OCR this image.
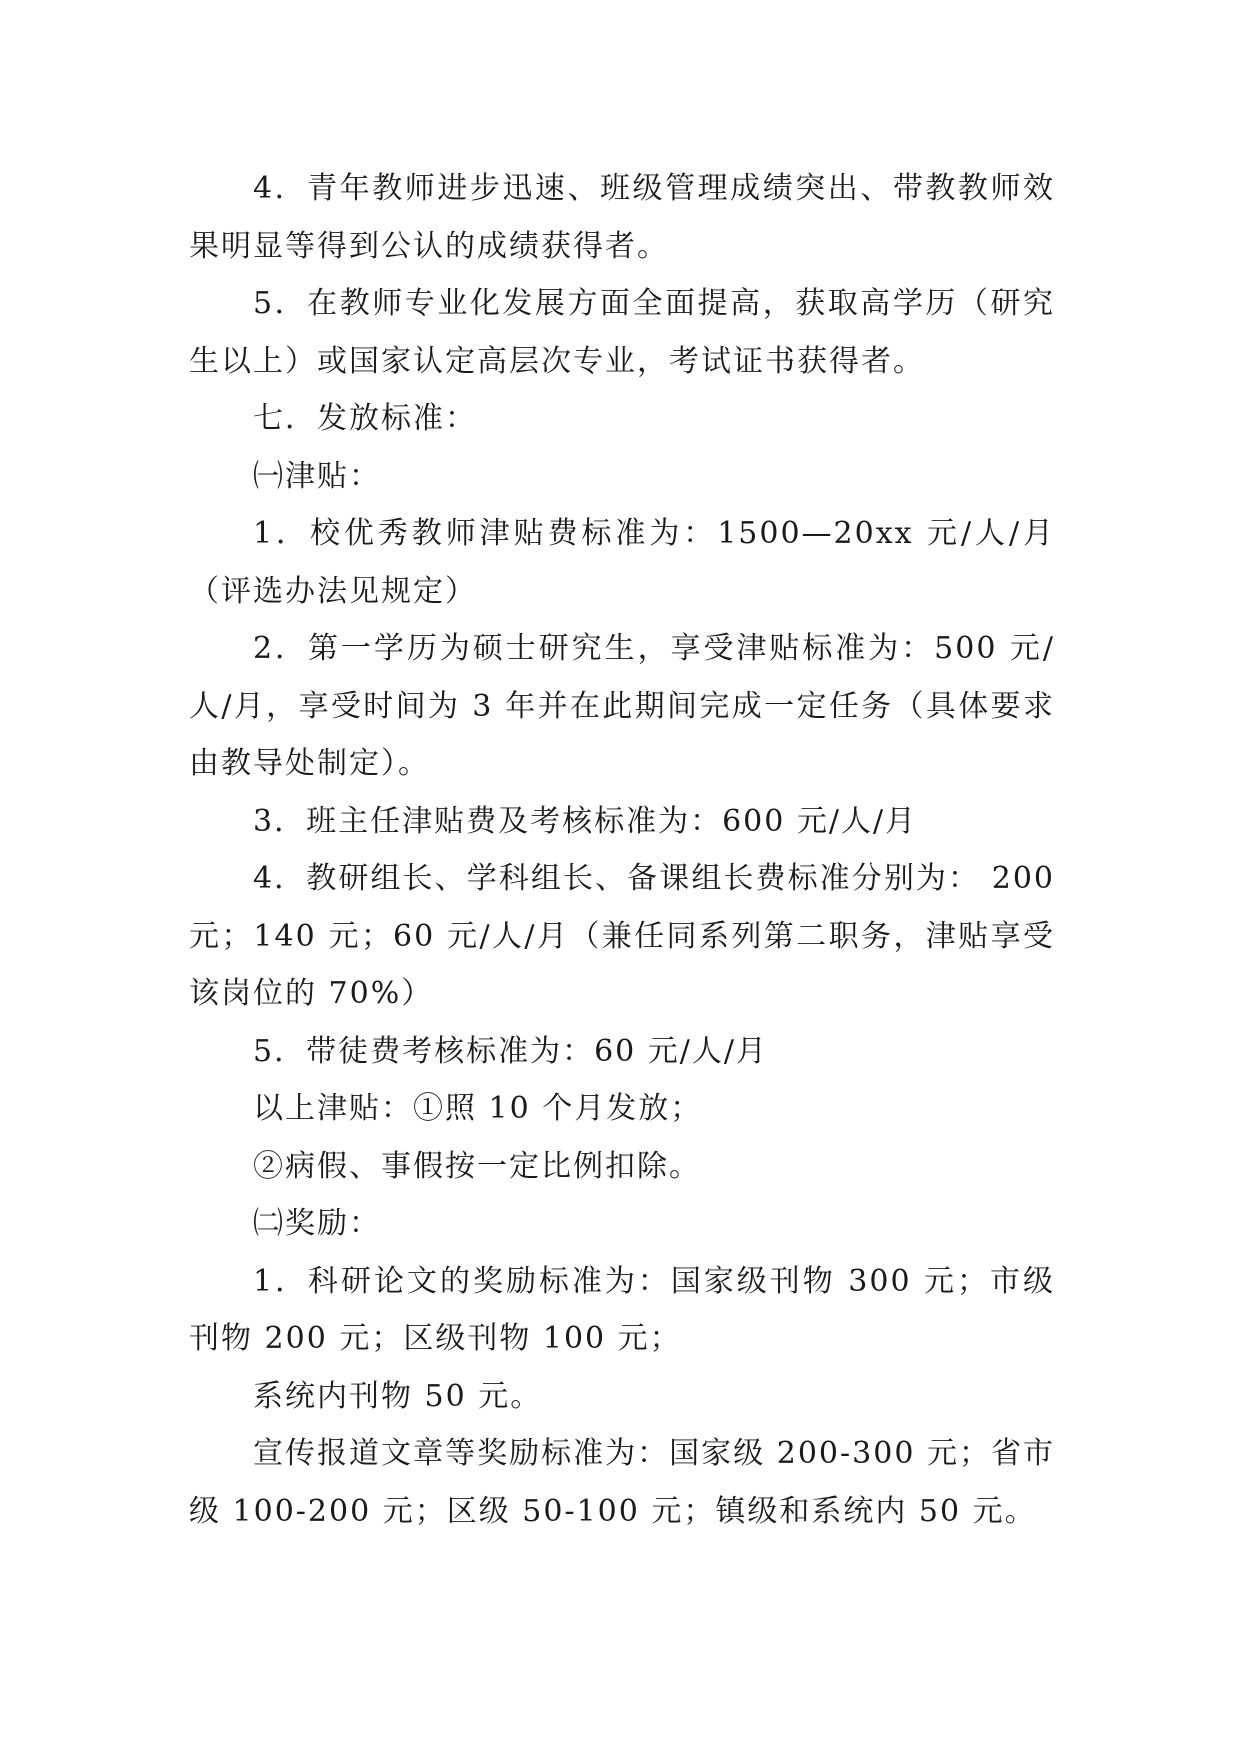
4．青年教师进步迅速、班级管理成绩突出、带教教师效果明显等得到公认的成绩获得者。

5．在教师专业化发展方面全面提高，获取高学历（研究生以上）或国家认定高层次专业，考试证书获得者。

七．发放标准：

㈠津贴：

1．校优秀教师津贴费标准为：1500—20xx 元/人/月（评选办法见规定）

2．第一学历为硕士研究生，享受津贴标准为：500 元/人/月，享受时间为 3 年并在此期间完成一定任务（具体要求由教导处制定）。

3．班主任津贴费及考核标准为：600 元/人/月

4．教研组长、学科组长、备课组长费标准分别为： 200 元；140 元；60 元/人/月（兼任同系列第二职务，津贴享受该岗位的 70%）

5．带徒费考核标准为：60 元/人/月

以上津贴：①照 10 个月发放；

②病假、事假按一定比例扣除。

㈡奖励：

1．科研论文的奖励标准为：国家级刊物 300 元；市级刊物 200 元；区级刊物 100 元；

系统内刊物 50 元。

宣传报道文章等奖励标准为：国家级 200-300 元；省市级 100-200 元；区级 50-100 元；镇级和系统内 50 元。
